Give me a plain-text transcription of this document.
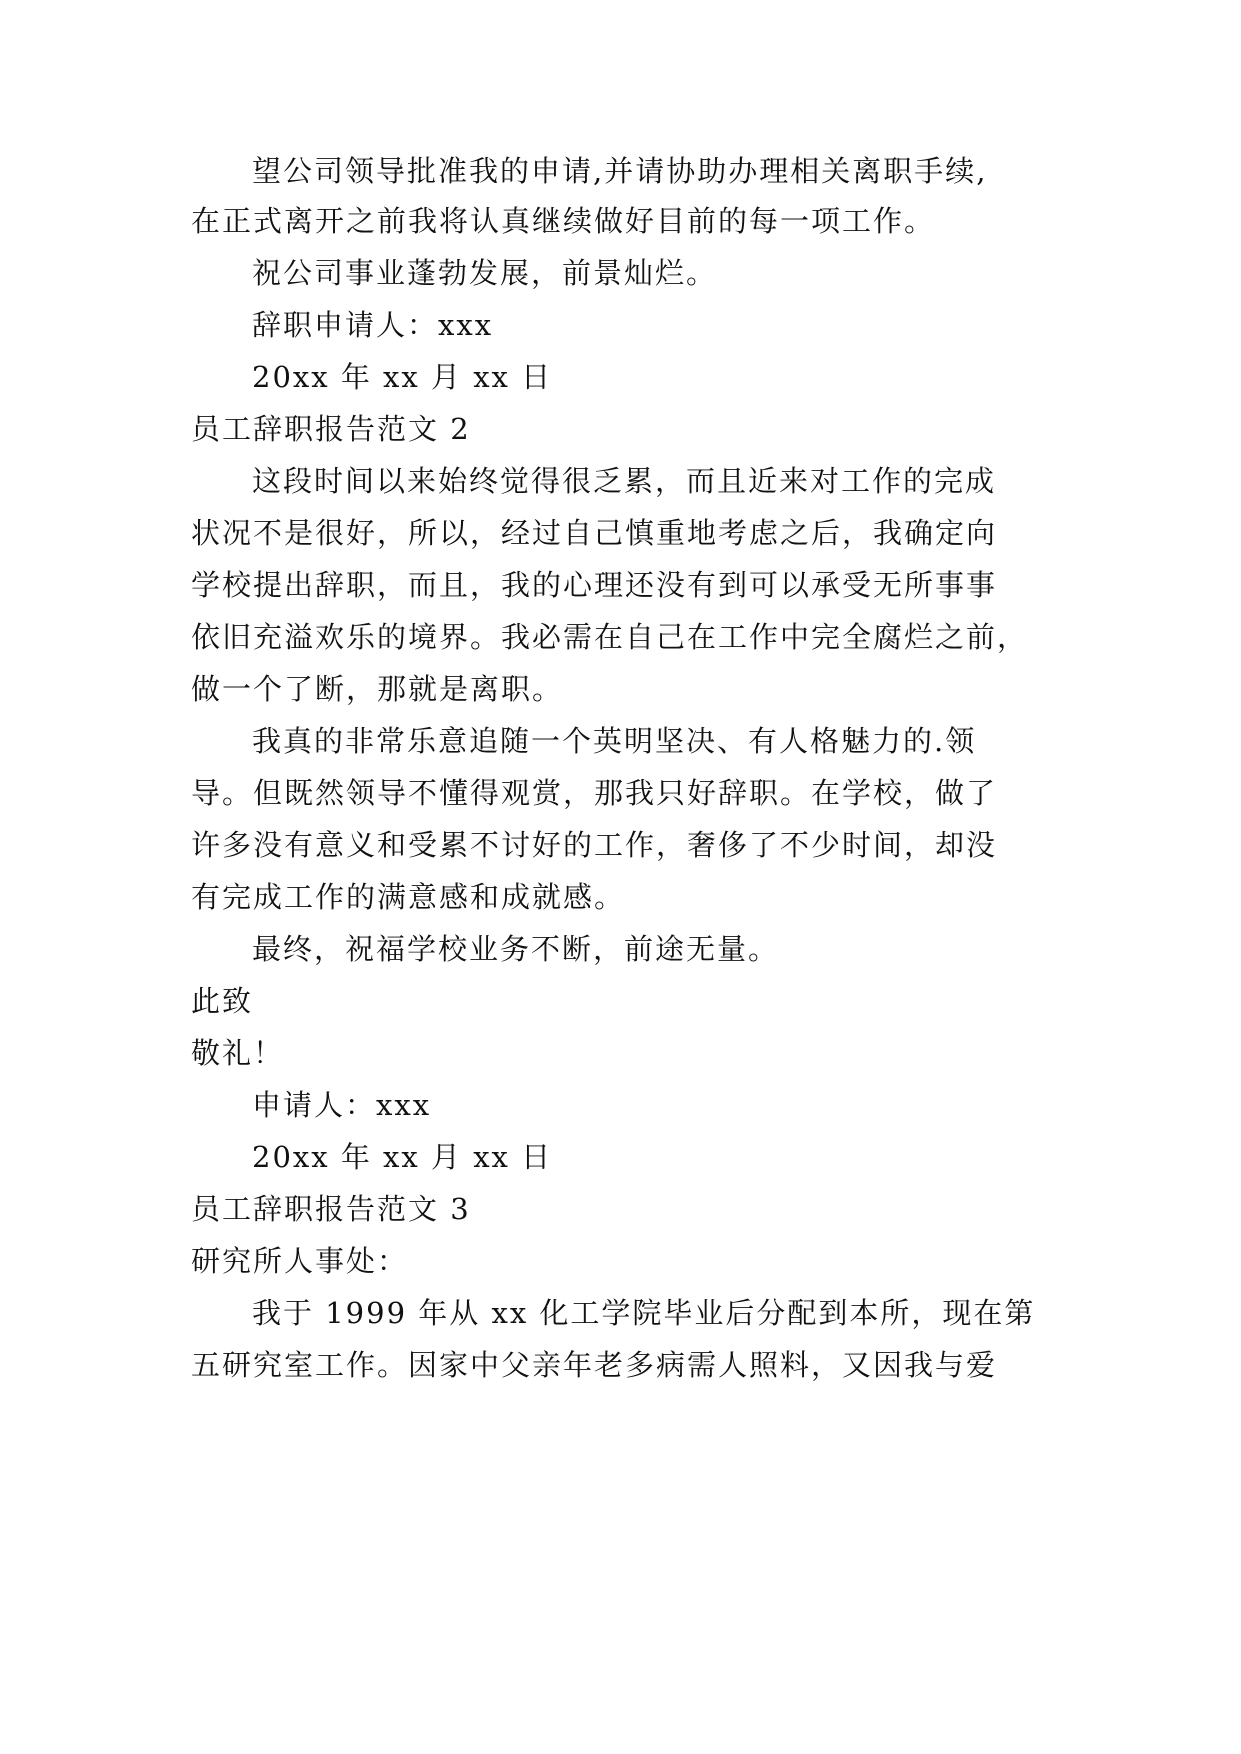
望公司领导批准我的申请,并请协助办理相关离职手续,
在正式离开之前我将认真继续做好目前的每一项工作。
祝公司事业蓬勃发展，前景灿烂。
辞职申请人：xxx
20xx 年 xx 月 xx 日
员工辞职报告范文 2
这段时间以来始终觉得很乏累，而且近来对工作的完成
状况不是很好，所以，经过自己慎重地考虑之后，我确定向
学校提出辞职，而且，我的心理还没有到可以承受无所事事
依旧充溢欢乐的境界。我必需在自己在工作中完全腐烂之前，
做一个了断，那就是离职。
我真的非常乐意追随一个英明坚决、有人格魅力的.领
导。但既然领导不懂得观赏，那我只好辞职。在学校，做了
许多没有意义和受累不讨好的工作，奢侈了不少时间，却没
有完成工作的满意感和成就感。
最终，祝福学校业务不断，前途无量。
此致
敬礼！
申请人：xxx
20xx 年 xx 月 xx 日
员工辞职报告范文 3
研究所人事处：
我于 1999 年从 xx 化工学院毕业后分配到本所，现在第
五研究室工作。因家中父亲年老多病需人照料，又因我与爱
